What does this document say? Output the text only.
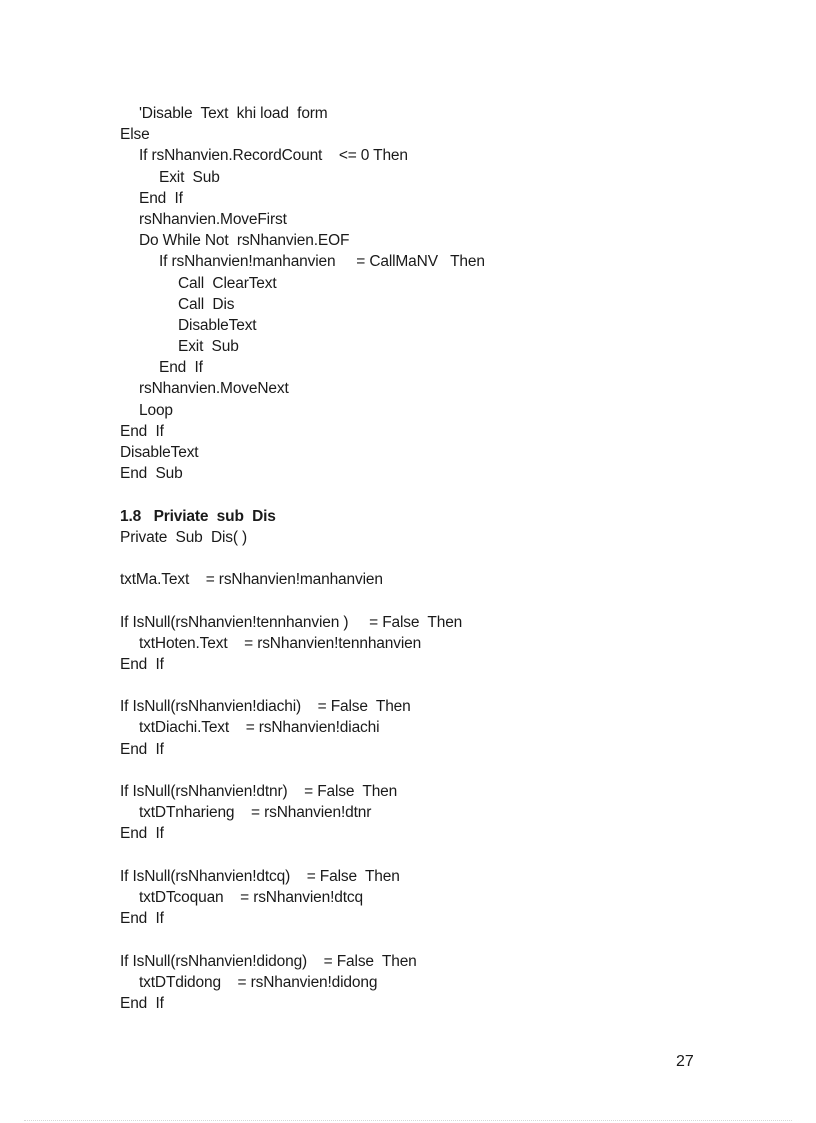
'Disable  Text  khi load  form
Else
If rsNhanvien.RecordCount    <= 0 Then
Exit  Sub
End  If
rsNhanvien.MoveFirst
Do While Not  rsNhanvien.EOF
If rsNhanvien!manhanvien     = CallMaNV   Then
Call  ClearText
Call  Dis
DisableText
Exit  Sub
End  If
rsNhanvien.MoveNext
Loop
End  If
DisableText
End  Sub
1.8   Priviate  sub  Dis
Private  Sub  Dis( )
txtMa.Text    = rsNhanvien!manhanvien
If IsNull(rsNhanvien!tennhanvien )     = False  Then
txtHoten.Text    = rsNhanvien!tennhanvien
End  If
If IsNull(rsNhanvien!diachi)    = False  Then
txtDiachi.Text    = rsNhanvien!diachi
End  If
If IsNull(rsNhanvien!dtnr)    = False  Then
txtDTnharieng    = rsNhanvien!dtnr
End  If
If IsNull(rsNhanvien!dtcq)    = False  Then
txtDTcoquan    = rsNhanvien!dtcq
End  If
If IsNull(rsNhanvien!didong)    = False  Then
txtDTdidong    = rsNhanvien!didong
End  If
27
